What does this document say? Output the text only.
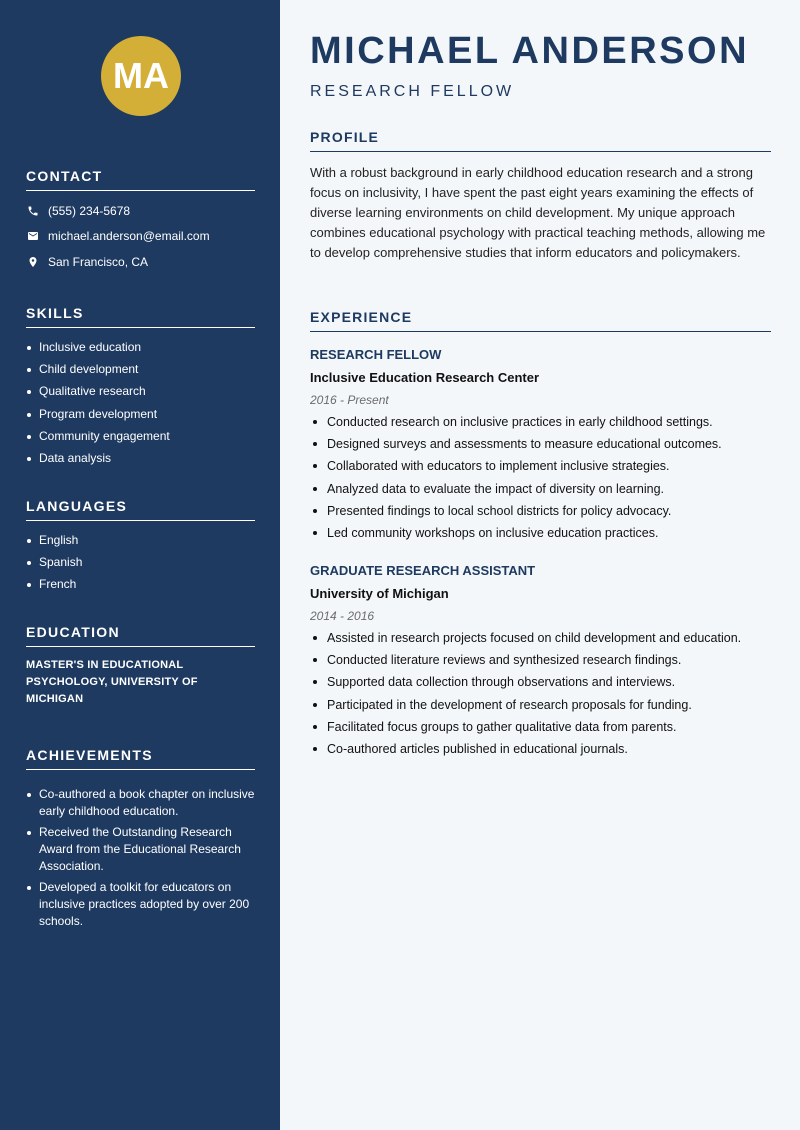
MA
CONTACT
(555) 234-5678
michael.anderson@email.com
San Francisco, CA
SKILLS
Inclusive education
Child development
Qualitative research
Program development
Community engagement
Data analysis
LANGUAGES
English
Spanish
French
EDUCATION
MASTER'S IN EDUCATIONAL PSYCHOLOGY, UNIVERSITY OF MICHIGAN
ACHIEVEMENTS
Co-authored a book chapter on inclusive early childhood education.
Received the Outstanding Research Award from the Educational Research Association.
Developed a toolkit for educators on inclusive practices adopted by over 200 schools.
MICHAEL ANDERSON
RESEARCH FELLOW
PROFILE
With a robust background in early childhood education research and a strong focus on inclusivity, I have spent the past eight years examining the effects of diverse learning environments on child development. My unique approach combines educational psychology with practical teaching methods, allowing me to develop comprehensive studies that inform educators and policymakers.
EXPERIENCE
RESEARCH FELLOW
Inclusive Education Research Center
2016 - Present
Conducted research on inclusive practices in early childhood settings.
Designed surveys and assessments to measure educational outcomes.
Collaborated with educators to implement inclusive strategies.
Analyzed data to evaluate the impact of diversity on learning.
Presented findings to local school districts for policy advocacy.
Led community workshops on inclusive education practices.
GRADUATE RESEARCH ASSISTANT
University of Michigan
2014 - 2016
Assisted in research projects focused on child development and education.
Conducted literature reviews and synthesized research findings.
Supported data collection through observations and interviews.
Participated in the development of research proposals for funding.
Facilitated focus groups to gather qualitative data from parents.
Co-authored articles published in educational journals.
